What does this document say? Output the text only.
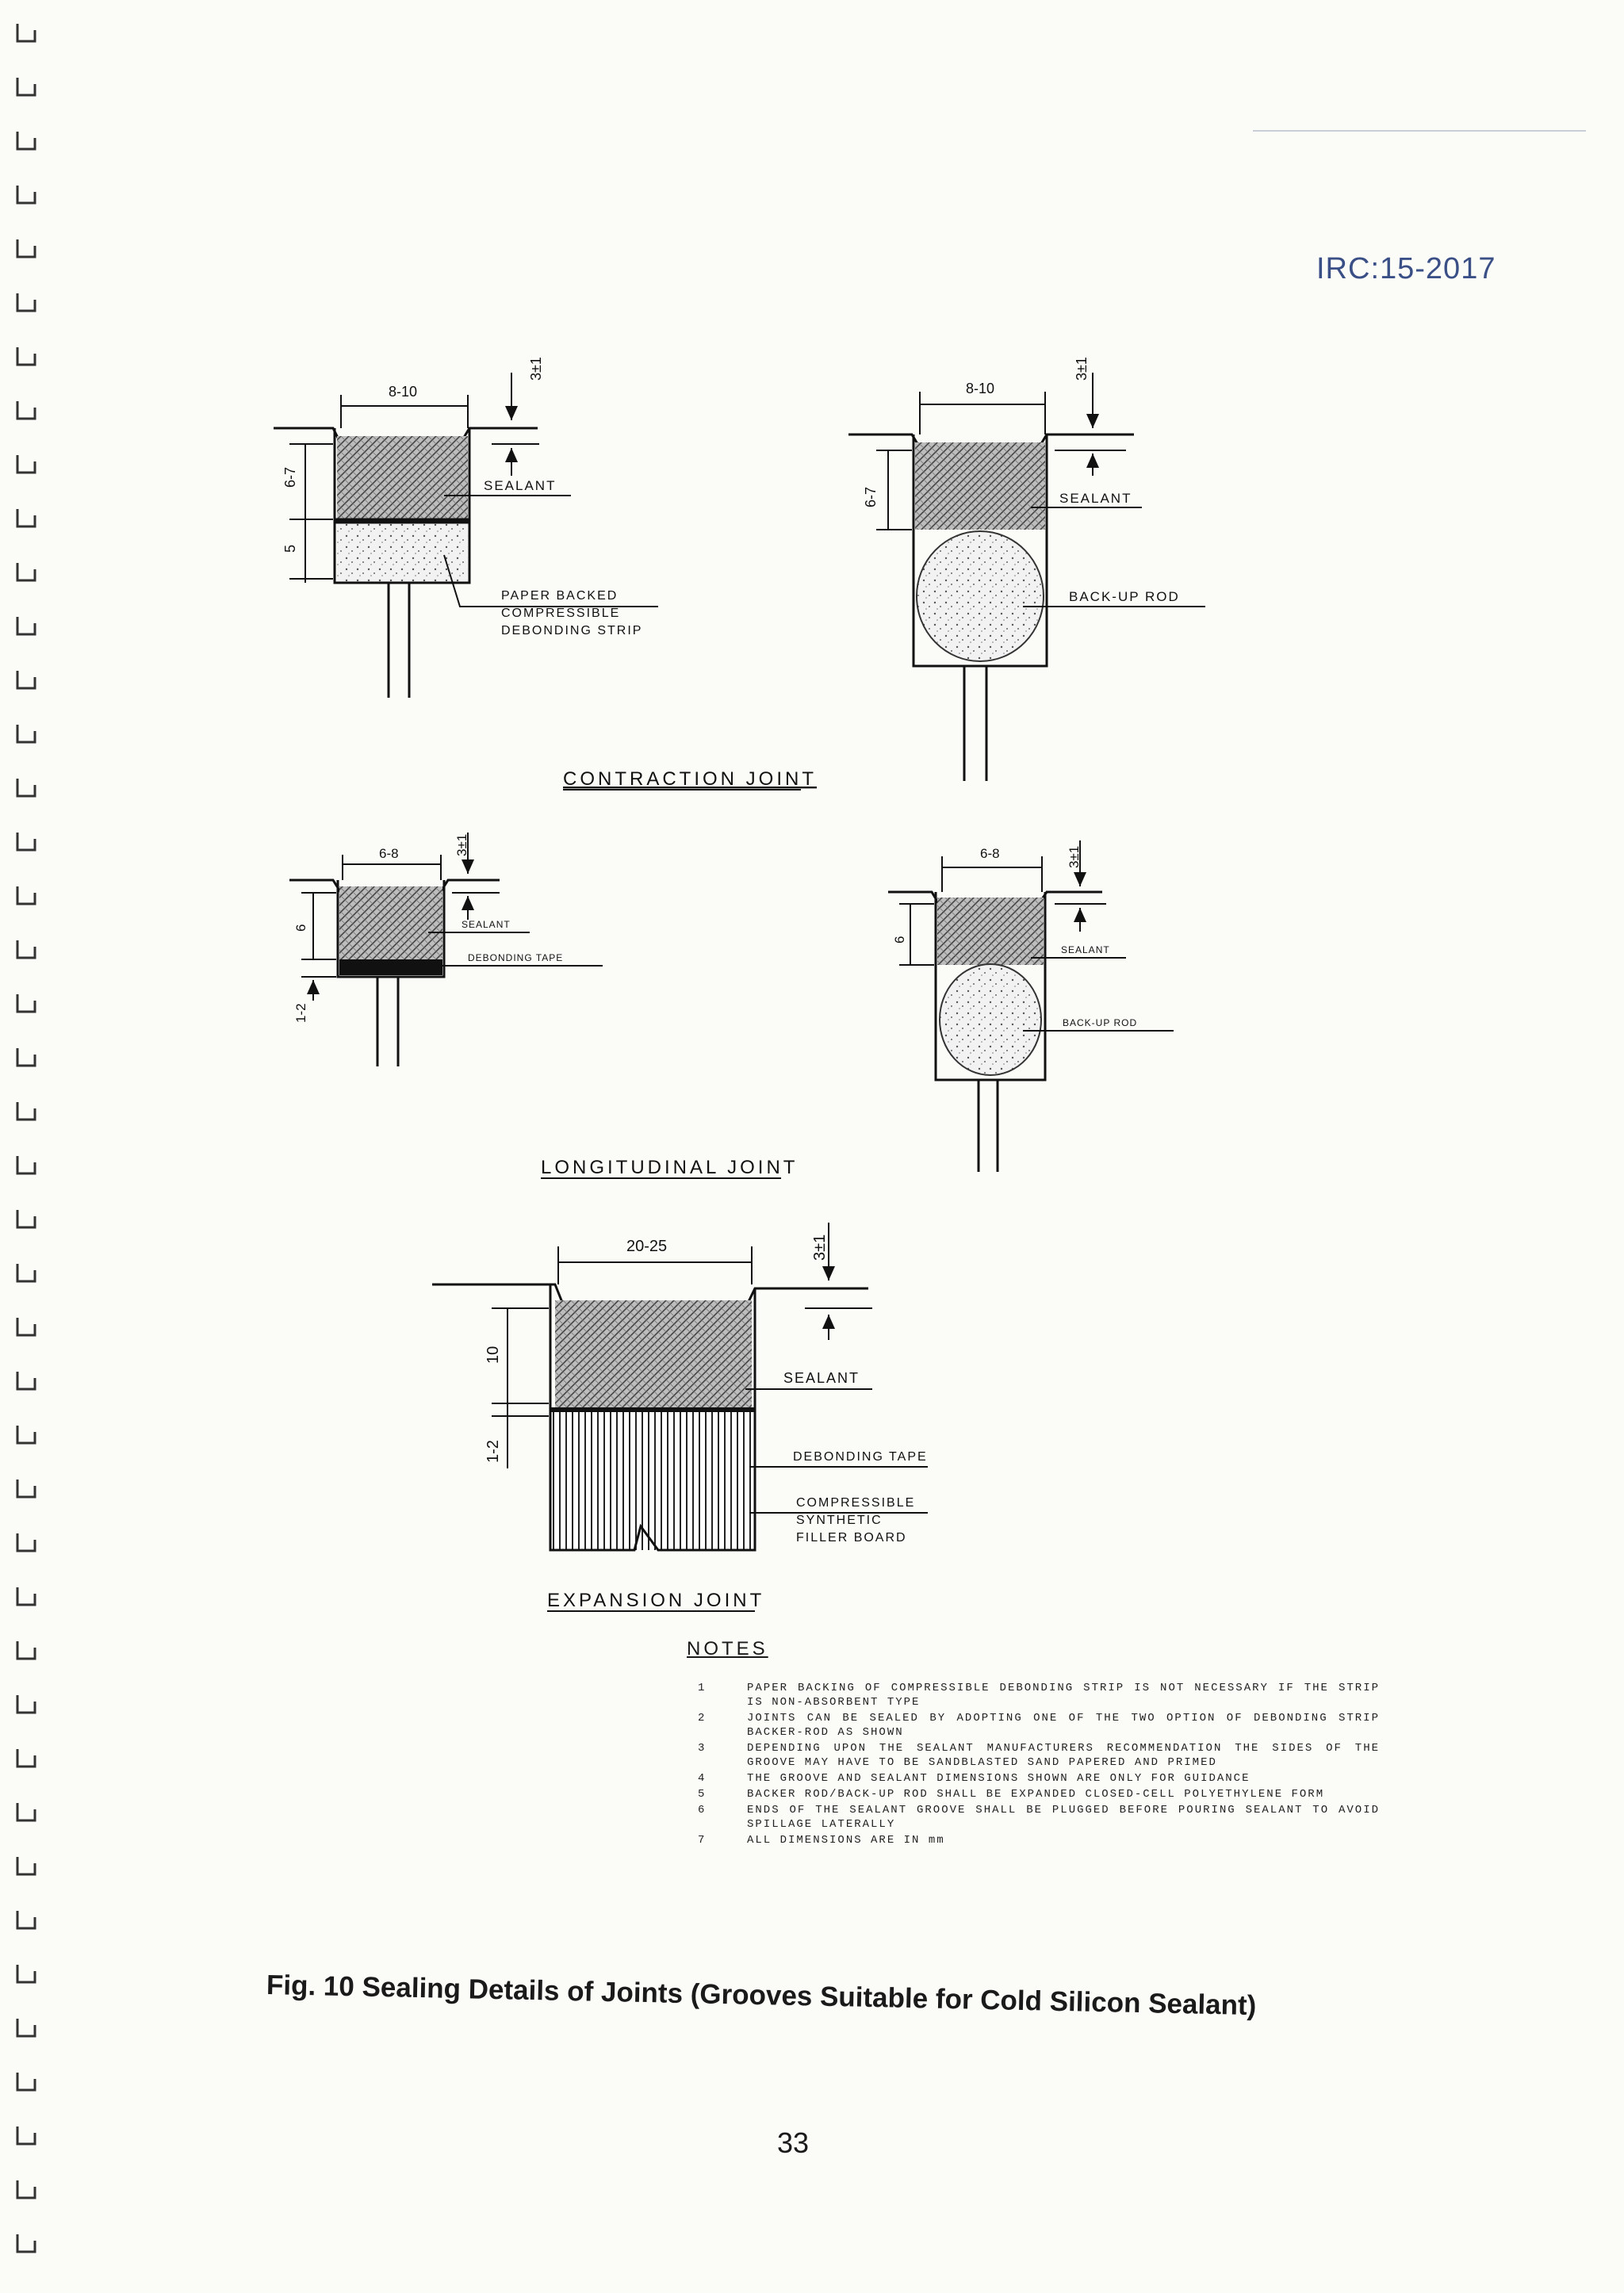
IRC:15-2017
8-10
3±1
6-7
5
SEALANT
PAPER BACKED
COMPRESSIBLE
DEBONDING STRIP
8-10
3±1
6-7	SEALANT
BACK-UP ROD
CONTRACTION JOINT
6-8	3±1
6
1-2
SEALANT
DEBONDING TAPE
6-8	3±1
6
SEALANT
BACK-UP ROD
LONGITUDINAL JOINT
20-25	3±1
10
1-2
SEALANT
DEBONDING TAPE
COMPRESSIBLE
SYNTHETIC
FILLER BOARD
EXPANSION JOINT
NOTES
1	PAPER BACKING OF COMPRESSIBLE DEBONDING STRIP IS NOT NECESSARY IF THE STRIP IS NON-ABSORBENT TYPE
2	JOINTS CAN BE SEALED BY ADOPTING ONE OF THE TWO OPTION OF DEBONDING STRIP BACKER-ROD AS SHOWN
3	DEPENDING UPON THE SEALANT MANUFACTURERS RECOMMENDATION THE SIDES OF THE GROOVE MAY HAVE TO BE SANDBLASTED SAND PAPERED AND PRIMED
4	THE GROOVE AND SEALANT DIMENSIONS SHOWN ARE ONLY FOR GUIDANCE
5	BACKER ROD/BACK-UP ROD SHALL BE EXPANDED CLOSED-CELL POLYETHYLENE FORM
6	ENDS OF THE SEALANT GROOVE SHALL BE PLUGGED BEFORE POURING SEALANT TO AVOID SPILLAGE LATERALLY
7	ALL DIMENSIONS ARE IN mm
Fig. 10 Sealing Details of Joints (Grooves Suitable for Cold Silicon Sealant)
33
